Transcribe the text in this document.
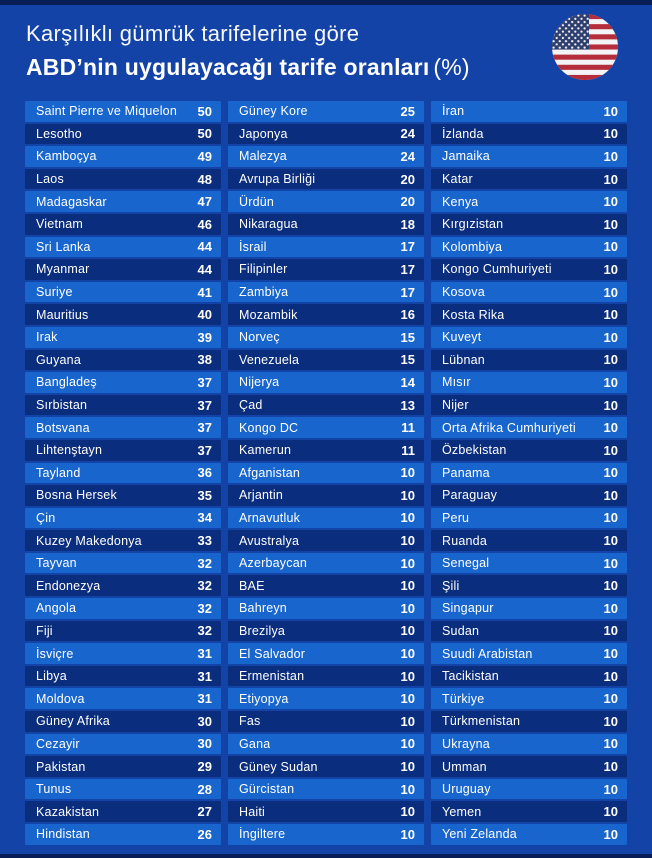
Karşılıklı gümrük tarifelerine göre

ABD’nin uygulayacağı tarife oranları (%)

Saint Pierre ve Miquelon 50
Lesotho	50
Kamboçya	49
Laos	48
Madagaskar	47
Vietnam	46
Sri Lanka	44
Myanmar	44
Suriye	41
Mauritius	40
Irak	39
Guyana	38
Bangladeş	37
Sırbistan	37
Botsvana	37
Lihtenştayn	37
Tayland	36
Bosna Hersek	35
Çin	34
Kuzey Makedonya	33
Tayvan	32
Endonezya	32
Angola	32
Fiji	32
İsviçre	31
Libya	31
Moldova	31
Güney Afrika	30
Cezayir	30
Pakistan	29
Tunus	28
Kazakistan	27
Hindistan	26
Güney Kore	25
Japonya	24
Malezya	24
Avrupa Birliği	20
Ürdün	20
Nikaragua	18
İsrail	17
Filipinler	17
Zambiya	17
Mozambik	16
Norveç	15
Venezuela	15
Nijerya	14
Çad	13
Kongo DC	11
Kamerun	11
Afganistan	10
Arjantin	10
Arnavutluk	10
Avustralya	10
Azerbaycan	10
BAE	10
Bahreyn	10
Brezilya	10
El Salvador	10
Ermenistan	10
Etiyopya	10
Fas	10
Gana	10
Güney Sudan	10
Gürcistan	10
Haiti	10
İngiltere	10
İran	10
İzlanda	10
Jamaika	10
Katar	10
Kenya	10
Kırgızistan	10
Kolombiya	10
Kongo Cumhuriyeti	10
Kosova	10
Kosta Rika	10
Kuveyt	10
Lübnan	10
Mısır	10
Nijer	10
Orta Afrika Cumhuriyeti 10
Özbekistan	10
Panama	10
Paraguay	10
Peru	10
Ruanda	10
Senegal	10
Şili	10
Singapur	10
Sudan	10
Suudi Arabistan	10
Tacikistan	10
Türkiye	10
Türkmenistan	10
Ukrayna	10
Umman	10
Uruguay	10
Yemen	10
Yeni Zelanda	10
